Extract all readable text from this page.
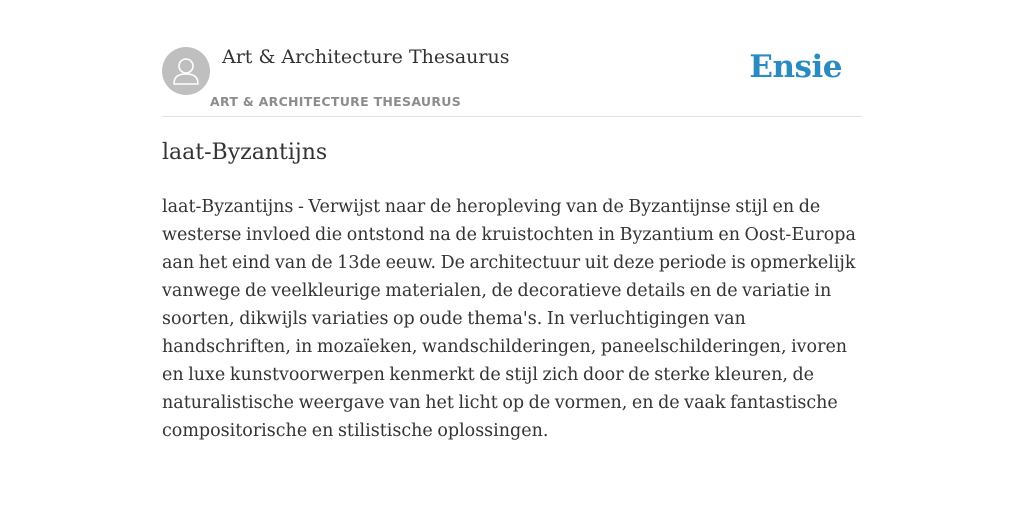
Art & Architecture Thesaurus
ART & ARCHITECTURE THESAURUS
Ensie
laat-Byzantijns

laat-Byzantijns - Verwijst naar de heropleving van de Byzantijnse stijl en de westerse invloed die ontstond na de kruistochten in Byzantium en Oost-Europa aan het eind van de 13de eeuw. De architectuur uit deze periode is opmerkelijk vanwege de veelkleurige materialen, de decoratieve details en de variatie in soorten, dikwijls variaties op oude thema's. In verluchtigingen van handschriften, in mozaïeken, wandschilderingen, paneelschilderingen, ivoren en luxe kunstvoorwerpen kenmerkt de stijl zich door de sterke kleuren, de naturalistische weergave van het licht op de vormen, en de vaak fantastische compositorische en stilistische oplossingen.
